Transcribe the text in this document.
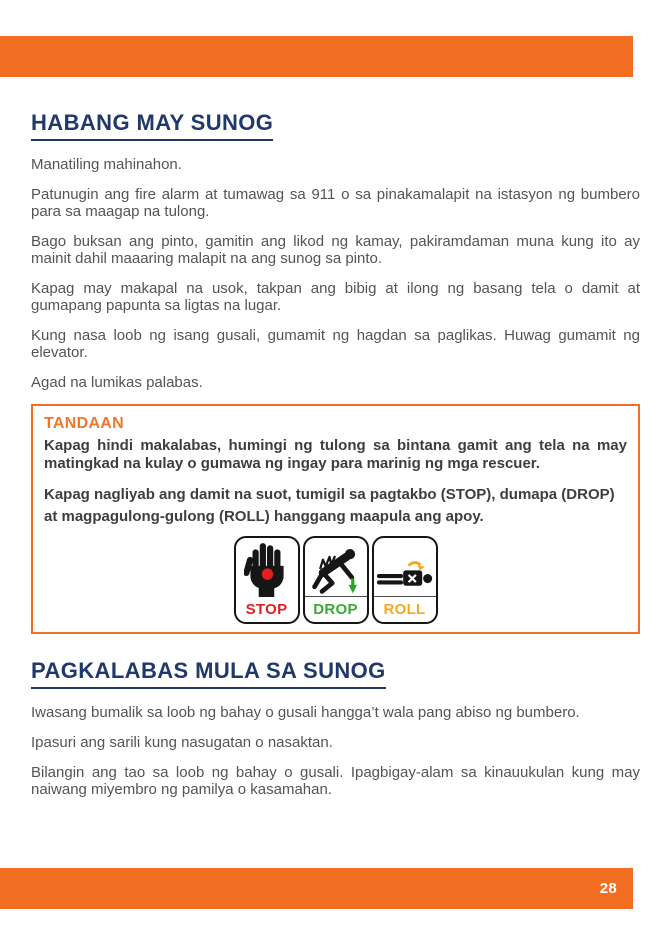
HABANG MAY SUNOG

Manatiling mahinahon.

Patunugin ang fire alarm at tumawag sa 911 o sa pinakamalapit na istasyon ng bumbero para sa maagap na tulong.

Bago buksan ang pinto, gamitin ang likod ng kamay, pakiramdaman muna kung ito ay mainit dahil maaaring malapit na ang sunog sa pinto.

Kapag may makapal na usok, takpan ang bibig at ilong ng basang tela o damit at gumapang papunta sa ligtas na lugar.

Kung nasa loob ng isang gusali, gumamit ng hagdan sa paglikas. Huwag gumamit ng elevator.

Agad na lumikas palabas.

TANDAAN

Kapag hindi makalabas, humingi ng tulong sa bintana gamit ang tela na may matingkad na kulay o gumawa ng ingay para marinig ng mga rescuer.

Kapag nagliyab ang damit na suot, tumigil sa pagtakbo (STOP), dumapa (DROP) at magpagulong-gulong (ROLL) hanggang maapula ang apoy.

STOP	DROP	ROLL
PAGKALABAS MULA SA SUNOG

Iwasang bumalik sa loob ng bahay o gusali hangga’t wala pang abiso ng bumbero.

Ipasuri ang sarili kung nasugatan o nasaktan.

Bilangin ang tao sa loob ng bahay o gusali. Ipagbigay-alam sa kinauukulan kung may naiwang miyembro ng pamilya o kasamahan.

28
